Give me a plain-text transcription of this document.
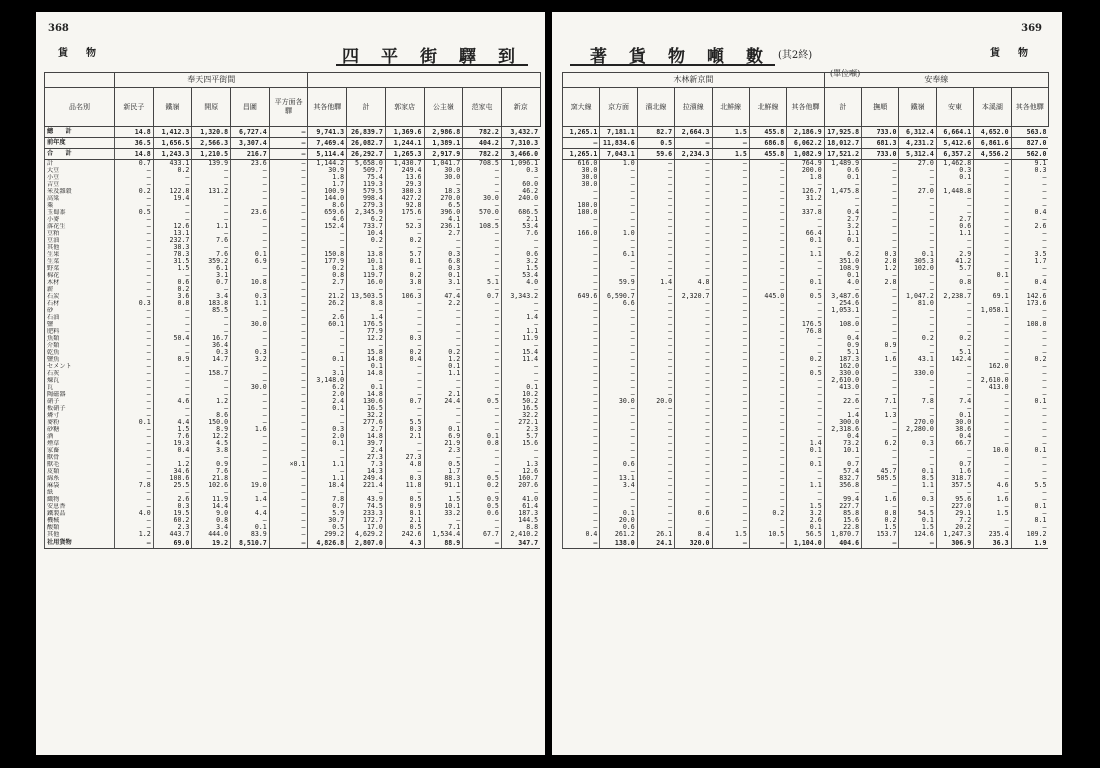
368
貨　物	四平街驛到
	奉天四平街間										
品名別	新民子	鐵嶺	開原	昌圖	平方面各驛	其各他驛	計	郭家店	公主嶺	范家屯	新京
總　　計	14.8	1,412.3	1,320.8	6,727.4	—	9,741.3	26,839.7	1,369.6	2,986.8	782.2	3,432.7
前年度	36.5	1,656.5	2,566.3	3,307.4	—	7,469.4	26,082.7	1,244.1	1,389.1	404.2	7,310.3
合　　計	14.8	1,243.3	1,210.5	216.7	—	5,114.4	26,292.7	1,265.3	2,917.9	782.2	3,466.0
計	0.7	433.1	139.9	23.6	—	1,144.2	5,658.0	1,430.7	1,041.7	708.5	1,096.1
大豆	—	0.2	—	—	—	30.9	509.7	249.4	30.0	—	0.3
小豆	—	—	—	—	—	1.8	75.4	13.6	30.0	—	—
吉豆	—	—	—	—	—	1.7	119.3	29.3	—	—	60.0
米及雜穀	0.2	122.8	131.2	—	—	100.9	579.5	380.3	18.3	—	46.2
高粱	—	19.4	—	—	—	144.0	998.4	427.2	270.0	30.0	240.0
粟	—	—	—	—	—	8.6	279.3	92.8	6.5	—	—
玉蜀黍	0.5	—	—	23.6	—	659.6	2,345.9	175.6	396.0	570.0	686.5
小麥	—	—	—	—	—	4.6	6.2	—	4.1	—	2.1
落花生	—	12.6	1.1	—	—	152.4	733.7	52.3	236.1	108.5	53.4
豆粕	—	13.1	—	—	—	—	10.4	—	2.7	—	7.6
豆油	—	232.7	7.6	—	—	—	0.2	0.2	—	—	—
其他	—	38.3	—	—	—	—	—	—	—	—	—
生果	—	78.3	7.6	0.1	—	150.8	13.8	5.7	0.3	—	0.6
生菜	—	31.5	359.2	6.9	—	177.9	10.1	0.1	6.8	—	3.2
野菜	—	1.5	6.1	—	—	0.2	1.8	—	0.3	—	1.5
棉花	—	—	3.1	—	—	0.8	119.7	0.2	0.1	—	53.4
木材	—	0.6	0.7	10.8	—	2.7	16.0	3.8	3.1	5.1	4.0
薪	—	0.2	—	—	—	—	—	—	—	—	—
石炭	—	3.6	3.4	0.3	—	21.2	13,503.5	106.3	47.4	0.7	3,343.2
石材	0.3	0.8	183.8	1.1	—	26.2	8.8	—	2.2	—	—
砂	—	—	85.5	—	—	—	—	—	—	—	—
石油	—	—	—	—	—	2.6	1.4	—	—	—	1.4
鹽	—	—	—	30.0	—	60.1	176.5	—	—	—	—
肥料	—	—	—	—	—	—	77.9	—	—	—	1.1
魚類	—	50.4	16.7	—	—	—	12.2	0.3	—	—	11.9
介類	—	—	36.4	—	—	—	—	—	—	—	—
乾魚	—	—	0.3	0.3	—	—	15.8	0.2	0.2	—	15.4
鹽魚	—	0.9	14.7	3.2	—	0.1	14.8	0.4	1.2	—	11.4
セメント	—	—	—	—	—	—	0.1	—	0.1	—	—
石灰	—	—	158.7	—	—	3.1	14.8	—	1.1	—	—
煉瓦	—	—	—	—	—	3,148.0	—	—	—	—	—
瓦	—	—	—	30.0	—	6.2	0.1	—	—	—	0.1
陶磁器	—	—	—	—	—	2.0	14.8	—	2.1	—	10.2
硝子	—	4.6	1.2	—	—	2.4	130.6	0.7	24.4	0.5	50.2
板硝子	—	—	—	—	—	0.1	16.5	—	—	—	16.5
燐寸	—	—	8.6	—	—	—	32.2	—	—	—	32.2
麥粉	0.1	4.4	150.0	—	—	—	277.6	5.5	—	—	272.1
砂糖	—	1.5	8.9	1.6	—	0.3	2.7	0.3	0.1	—	2.3
酒	—	7.6	12.2	—	—	2.0	14.8	2.1	6.9	0.1	5.7
煙草	—	19.3	4.5	—	—	0.1	39.7	—	21.9	0.8	15.6
家畜	—	0.4	3.8	—	—	—	2.4	—	2.3	—	—
獸骨	—	—	—	—	—	—	27.3	27.3	—	—	—
獸毛	—	1.2	0.9	—	×0.1	1.1	7.3	4.8	0.5	—	1.3
皮類	—	34.6	7.6	—	—	—	14.3	—	1.7	—	12.6
綿糸	—	108.6	21.8	—	—	1.1	249.4	0.3	88.3	0.5	160.7
麻袋	7.8	25.5	102.6	19.0	—	18.4	221.4	11.8	91.1	0.2	207.6
紙	—	—	—	—	—	—	—	—	—	—	—
織物	—	2.6	11.9	1.4	—	7.8	43.9	0.5	1.5	0.9	41.0
安息香	—	0.3	14.4	—	—	0.7	74.5	0.9	10.1	0.5	61.4
鐵製品	4.0	19.5	9.0	4.4	—	5.9	233.3	8.1	33.2	0.6	187.3
機械	—	60.2	0.8	—	—	30.7	172.7	2.1	—	—	144.5
酸類	—	2.3	3.4	0.1	—	0.5	17.0	0.5	7.1	—	8.8
其他	1.2	443.7	444.0	83.9	—	299.2	4,629.2	242.6	1,534.4	67.7	2,410.2
社用貨物	—	69.0	19.2	8,510.7	—	4,826.8	2,807.0	4.3	88.9	—	347.7
369
貨　物
著貨物噸數
(其2終)
(單位噸)
木林新京間							安奉線					
窯大線	京方面	濱北線	拉濱線	北鮮線	北鮮線	其各他驛	計	撫順	鐵嶺	安東	本溪湖	其各他驛
1,265.1	7,181.1	82.7	2,664.3	1.5	455.8	2,186.9	17,925.8	733.0	6,312.4	6,664.1	4,652.0	563.8
—	11,834.6	0.5	—	—	686.8	6,062.2	18,012.7	681.3	4,231.2	5,412.6	6,861.6	827.0
1,265.1	7,043.1	59.6	2,234.3	1.5	455.8	1,082.9	17,521.2	733.0	5,312.4	6,357.2	4,556.2	562.0
616.0	1.0	—	—	—	—	764.9	1,489.9	—	27.0	1,462.8	—	9.1
30.0	—	—	—	—	—	200.0	0.6	—	—	0.3	—	0.3
30.0	—	—	—	—	—	1.8	0.1	—	—	0.1	—	—
30.0	—	—	—	—	—	—	—	—	—	—	—	—
—	—	—	—	—	—	126.7	1,475.8	—	27.0	1,448.8	—	—
—	—	—	—	—	—	31.2	—	—	—	—	—	—
180.0	—	—	—	—	—	—	—	—	—	—	—	—
180.0	—	—	—	—	—	337.8	0.4	—	—	—	—	0.4
—	—	—	—	—	—	—	2.7	—	—	2.7	—	—
—	—	—	—	—	—	—	3.2	—	—	0.6	—	2.6
166.0	1.0	—	—	—	—	66.4	1.1	—	—	1.1	—	—
—	—	—	—	—	—	0.1	0.1	—	—	—	—	—
—	—	—	—	—	—	—	—	—	—	—	—	—
—	6.1	—	—	—	—	1.1	6.2	0.3	0.1	2.9	—	3.5
—	—	—	—	—	—	—	351.0	2.8	305.3	41.2	—	1.7
—	—	—	—	—	—	—	108.9	1.2	102.0	5.7	—	—
—	—	—	—	—	—	—	0.1	—	—	—	0.1	—
—	59.9	1.4	4.8	—	—	0.1	4.0	2.8	—	0.8	—	0.4
—	—	—	—	—	—	—	—	—	—	—	—	—
649.6	6,590.7	—	2,320.7	—	445.0	0.5	3,487.6	—	1,047.2	2,238.7	69.1	142.6
—	6.6	—	—	—	—	—	254.6	—	81.0	—	—	173.6
—	—	—	—	—	—	—	1,053.1	—	—	—	1,058.1	—
—	—	—	—	—	—	—	—	—	—	—	—	—
—	—	—	—	—	—	176.5	108.0	—	—	—	—	108.0
—	—	—	—	—	—	76.8	—	—	—	—	—	—
—	—	—	—	—	—	—	0.4	—	0.2	0.2	—	—
—	—	—	—	—	—	—	0.9	0.9	—	—	—	—
—	—	—	—	—	—	—	5.1	—	—	5.1	—	—
—	—	—	—	—	—	0.2	187.3	1.6	43.1	142.4	—	0.2
—	—	—	—	—	—	—	162.0	—	—	—	162.0	—
—	—	—	—	—	—	0.5	330.0	—	330.0	—	—	—
—	—	—	—	—	—	—	2,610.0	—	—	—	2,610.0	—
—	—	—	—	—	—	—	413.0	—	—	—	413.0	—
—	—	—	—	—	—	—	—	—	—	—	—	—
—	30.0	20.0	—	—	—	—	22.6	7.1	7.8	7.4	—	0.1
—	—	—	—	—	—	—	—	—	—	—	—	—
—	—	—	—	—	—	—	1.4	1.3	—	0.1	—	—
—	—	—	—	—	—	—	300.0	—	270.0	30.0	—	—
—	—	—	—	—	—	—	2,318.6	—	2,280.0	38.6	—	—
—	—	—	—	—	—	—	0.4	—	—	0.4	—	—
—	—	—	—	—	—	1.4	73.2	6.2	0.3	66.7	—	—
—	—	—	—	—	—	0.1	10.1	—	—	—	10.0	0.1
—	—	—	—	—	—	—	—	—	—	—	—	—
—	0.6	—	—	—	—	0.1	0.7	—	—	0.7	—	—
—	—	—	—	—	—	—	57.4	45.7	0.1	1.6	—	—
—	13.1	—	—	—	—	—	832.7	505.5	8.5	318.7	—	—
—	3.4	—	—	—	—	1.1	356.8	—	1.1	357.5	4.6	5.5
—	—	—	—	—	—	—	—	—	—	—	—	—
—	—	—	—	—	—	—	99.4	1.6	0.3	95.6	1.6	—
—	—	—	—	—	—	1.5	227.7	—	—	227.0	—	0.1
—	0.1	—	0.6	—	0.2	3.2	85.8	0.8	54.5	29.1	1.5	—
—	20.0	—	—	—	—	2.6	15.6	0.2	0.1	7.2	—	8.1
—	0.6	—	—	—	—	0.1	22.8	1.5	1.5	20.2	—	—
0.4	261.2	26.1	8.4	1.5	10.5	56.5	1,870.7	153.7	124.6	1,247.3	235.4	109.2
—	138.0	24.1	320.0	—	—	1,104.0	404.6	—	—	306.9	36.3	1.9
